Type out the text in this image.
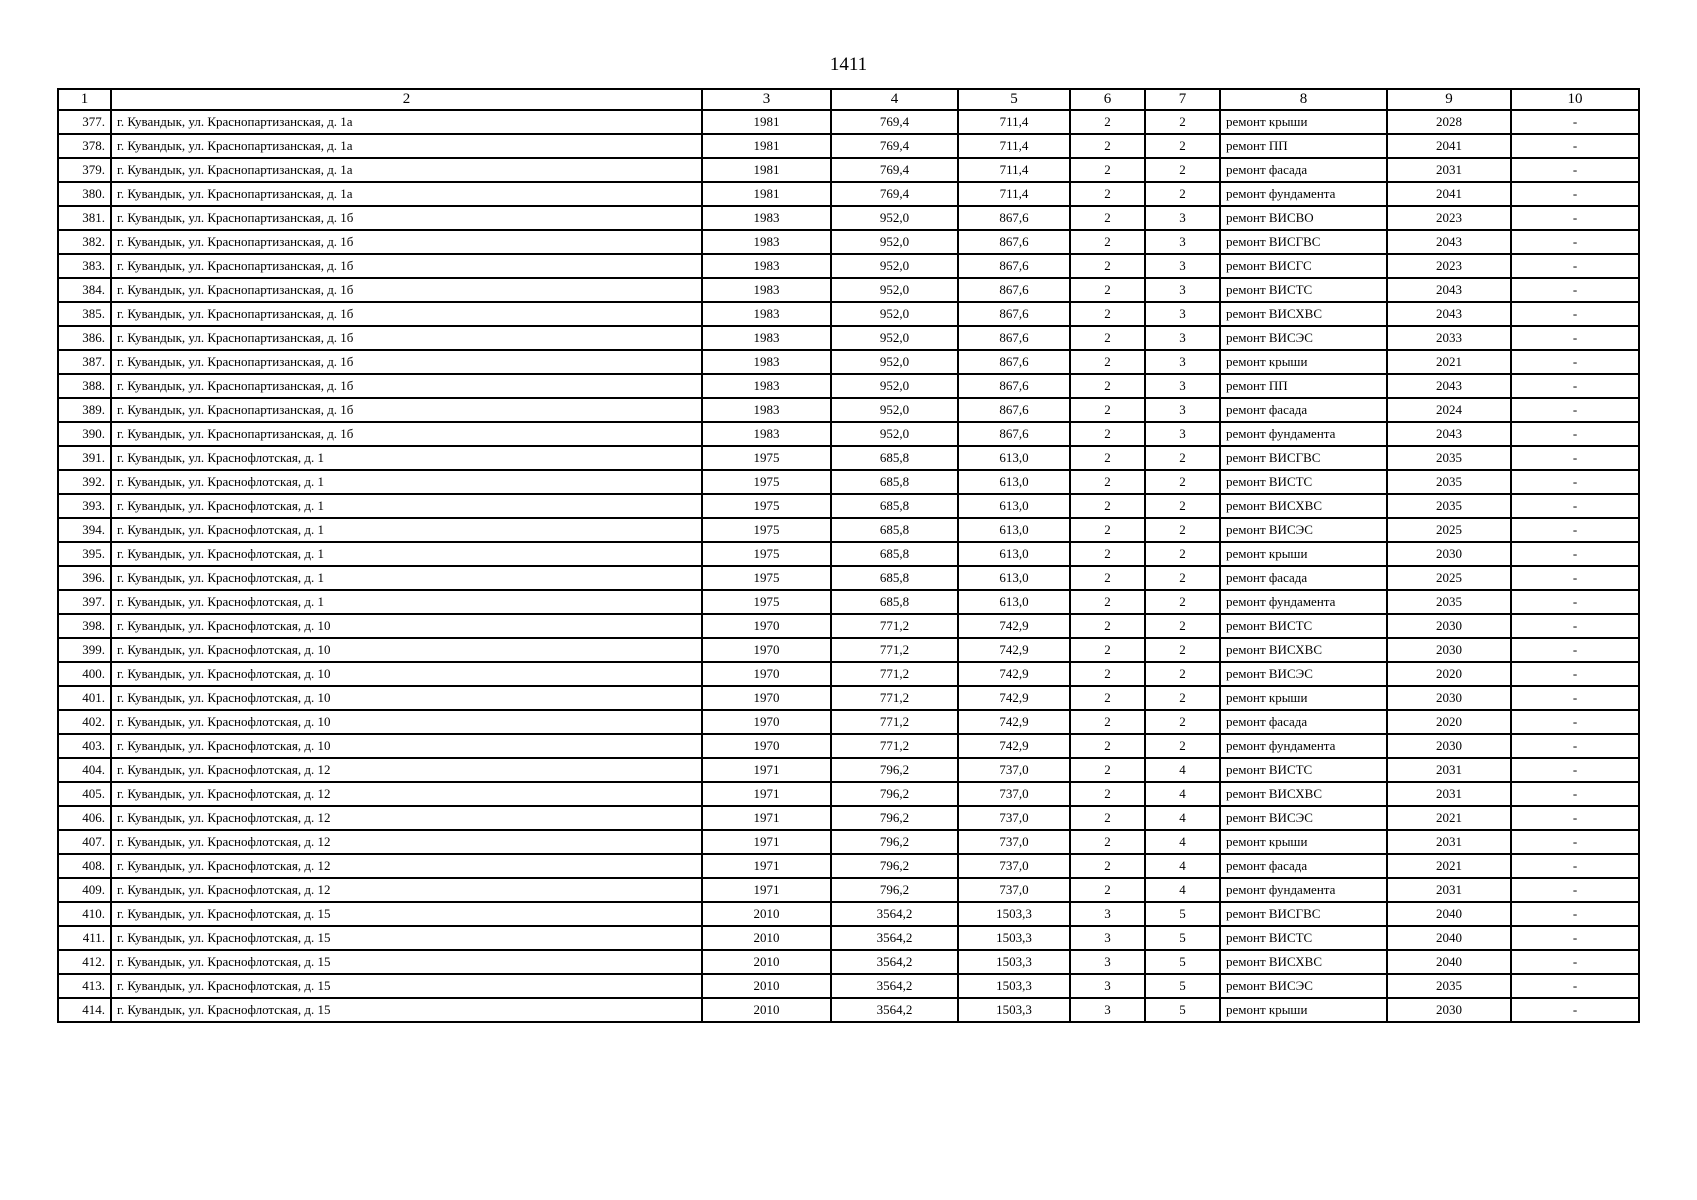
1411
1	2	3	4	5	6	7	8	9	10
377.	г. Кувандык, ул. Краснопартизанская, д. 1а	1981	769,4	711,4	2	2	ремонт крыши	2028	-
378.	г. Кувандык, ул. Краснопартизанская, д. 1а	1981	769,4	711,4	2	2	ремонт ПП	2041	-
379.	г. Кувандык, ул. Краснопартизанская, д. 1а	1981	769,4	711,4	2	2	ремонт фасада	2031	-
380.	г. Кувандык, ул. Краснопартизанская, д. 1а	1981	769,4	711,4	2	2	ремонт фундамента	2041	-
381.	г. Кувандык, ул. Краснопартизанская, д. 1б	1983	952,0	867,6	2	3	ремонт ВИСВО	2023	-
382.	г. Кувандык, ул. Краснопартизанская, д. 1б	1983	952,0	867,6	2	3	ремонт ВИСГВС	2043	-
383.	г. Кувандык, ул. Краснопартизанская, д. 1б	1983	952,0	867,6	2	3	ремонт ВИСГС	2023	-
384.	г. Кувандык, ул. Краснопартизанская, д. 1б	1983	952,0	867,6	2	3	ремонт ВИСТС	2043	-
385.	г. Кувандык, ул. Краснопартизанская, д. 1б	1983	952,0	867,6	2	3	ремонт ВИСХВС	2043	-
386.	г. Кувандык, ул. Краснопартизанская, д. 1б	1983	952,0	867,6	2	3	ремонт ВИСЭС	2033	-
387.	г. Кувандык, ул. Краснопартизанская, д. 1б	1983	952,0	867,6	2	3	ремонт крыши	2021	-
388.	г. Кувандык, ул. Краснопартизанская, д. 1б	1983	952,0	867,6	2	3	ремонт ПП	2043	-
389.	г. Кувандык, ул. Краснопартизанская, д. 1б	1983	952,0	867,6	2	3	ремонт фасада	2024	-
390.	г. Кувандык, ул. Краснопартизанская, д. 1б	1983	952,0	867,6	2	3	ремонт фундамента	2043	-
391.	г. Кувандык, ул. Краснофлотская, д. 1	1975	685,8	613,0	2	2	ремонт ВИСГВС	2035	-
392.	г. Кувандык, ул. Краснофлотская, д. 1	1975	685,8	613,0	2	2	ремонт ВИСТС	2035	-
393.	г. Кувандык, ул. Краснофлотская, д. 1	1975	685,8	613,0	2	2	ремонт ВИСХВС	2035	-
394.	г. Кувандык, ул. Краснофлотская, д. 1	1975	685,8	613,0	2	2	ремонт ВИСЭС	2025	-
395.	г. Кувандык, ул. Краснофлотская, д. 1	1975	685,8	613,0	2	2	ремонт крыши	2030	-
396.	г. Кувандык, ул. Краснофлотская, д. 1	1975	685,8	613,0	2	2	ремонт фасада	2025	-
397.	г. Кувандык, ул. Краснофлотская, д. 1	1975	685,8	613,0	2	2	ремонт фундамента	2035	-
398.	г. Кувандык, ул. Краснофлотская, д. 10	1970	771,2	742,9	2	2	ремонт ВИСТС	2030	-
399.	г. Кувандык, ул. Краснофлотская, д. 10	1970	771,2	742,9	2	2	ремонт ВИСХВС	2030	-
400.	г. Кувандык, ул. Краснофлотская, д. 10	1970	771,2	742,9	2	2	ремонт ВИСЭС	2020	-
401.	г. Кувандык, ул. Краснофлотская, д. 10	1970	771,2	742,9	2	2	ремонт крыши	2030	-
402.	г. Кувандык, ул. Краснофлотская, д. 10	1970	771,2	742,9	2	2	ремонт фасада	2020	-
403.	г. Кувандык, ул. Краснофлотская, д. 10	1970	771,2	742,9	2	2	ремонт фундамента	2030	-
404.	г. Кувандык, ул. Краснофлотская, д. 12	1971	796,2	737,0	2	4	ремонт ВИСТС	2031	-
405.	г. Кувандык, ул. Краснофлотская, д. 12	1971	796,2	737,0	2	4	ремонт ВИСХВС	2031	-
406.	г. Кувандык, ул. Краснофлотская, д. 12	1971	796,2	737,0	2	4	ремонт ВИСЭС	2021	-
407.	г. Кувандык, ул. Краснофлотская, д. 12	1971	796,2	737,0	2	4	ремонт крыши	2031	-
408.	г. Кувандык, ул. Краснофлотская, д. 12	1971	796,2	737,0	2	4	ремонт фасада	2021	-
409.	г. Кувандык, ул. Краснофлотская, д. 12	1971	796,2	737,0	2	4	ремонт фундамента	2031	-
410.	г. Кувандык, ул. Краснофлотская, д. 15	2010	3564,2	1503,3	3	5	ремонт ВИСГВС	2040	-
411.	г. Кувандык, ул. Краснофлотская, д. 15	2010	3564,2	1503,3	3	5	ремонт ВИСТС	2040	-
412.	г. Кувандык, ул. Краснофлотская, д. 15	2010	3564,2	1503,3	3	5	ремонт ВИСХВС	2040	-
413.	г. Кувандык, ул. Краснофлотская, д. 15	2010	3564,2	1503,3	3	5	ремонт ВИСЭС	2035	-
414.	г. Кувандык, ул. Краснофлотская, д. 15	2010	3564,2	1503,3	3	5	ремонт крыши	2030	-
